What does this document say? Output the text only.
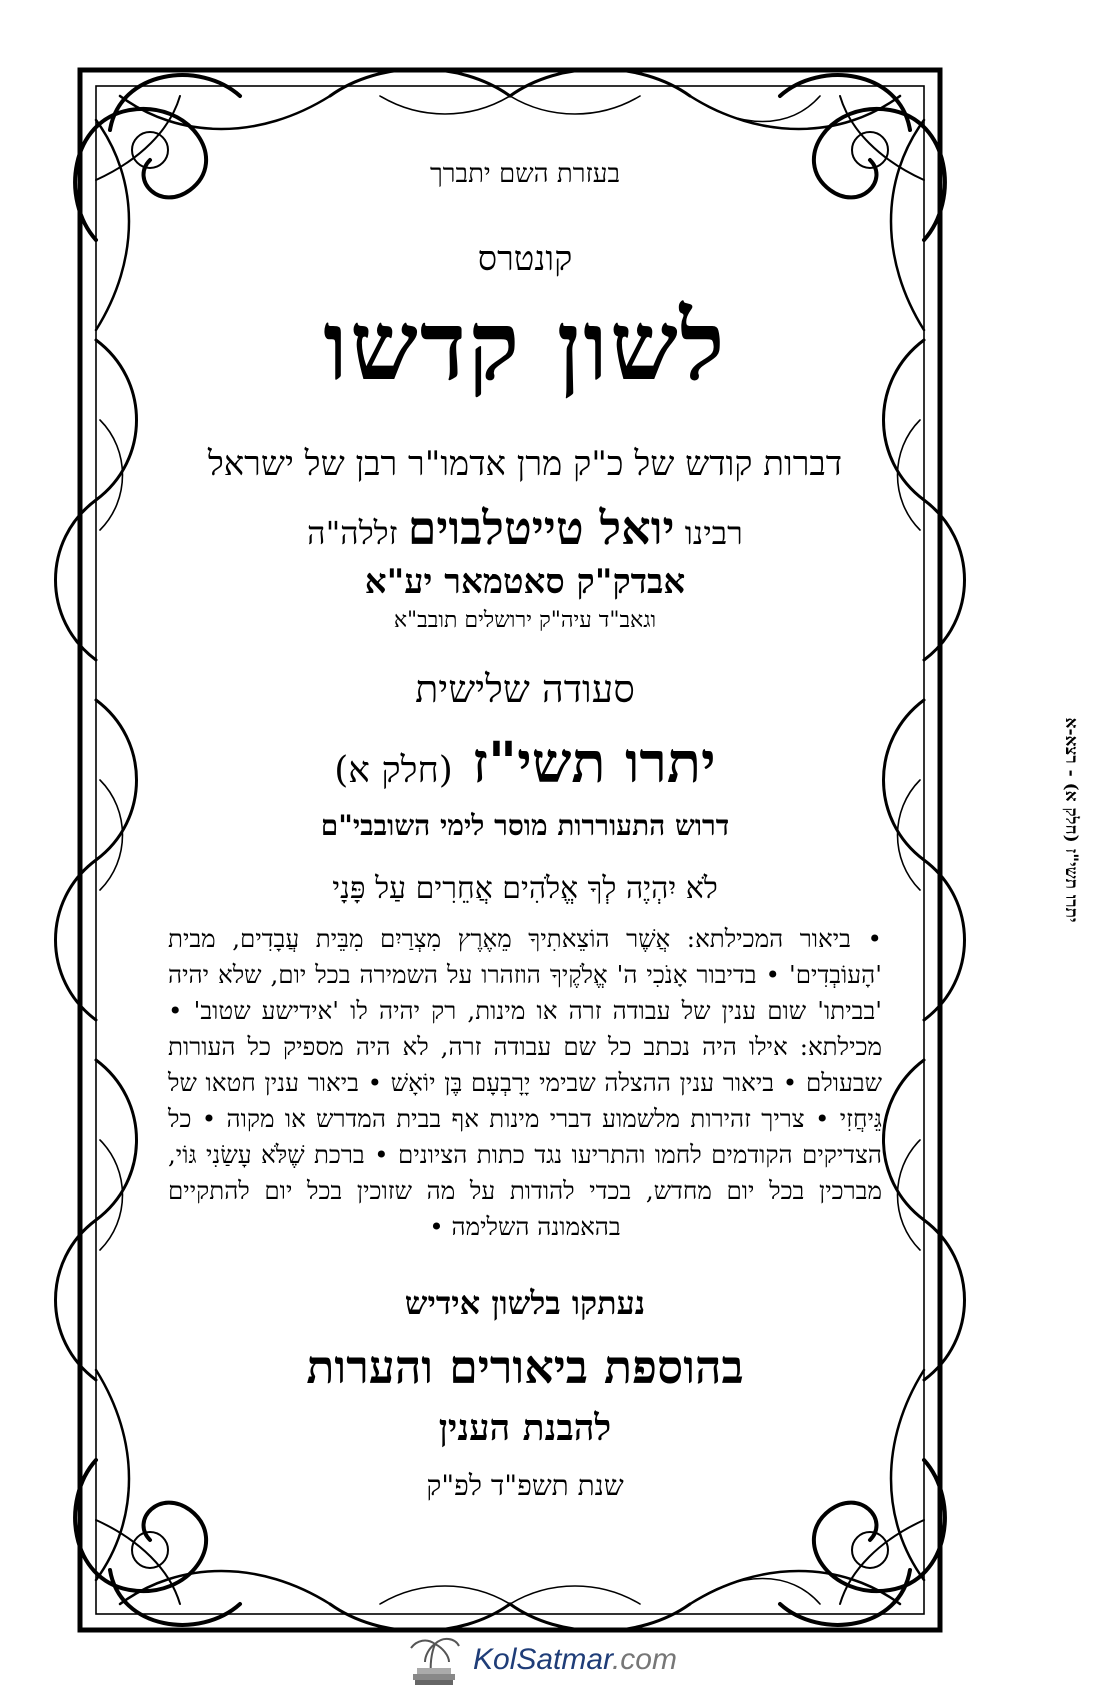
בעזרת השם יתברך
קונטרס
לשון קדשו
דברות קודש של כ"ק מרן אדמו"ר רבן של ישראל
רבינו יואל טייטלבוים זללה"ה
אבדק"ק סאטמאר יע"א
וגאב"ד עיה"ק ירושלים תובב"א
סעודה שלישית
יתרו תשי"ז (חלק א)
דרוש התעוררות מוסר לימי השובבי"ם
לֹא יִהְיֶה לְךָ אֱלֹהִים אֲחֵרִים עַל פָּנָי
• ביאור המכילתא: אֲשֶׁר הוֹצֵאתִיךָ מֵאֶרֶץ מִצְרַיִם מִבֵּית עֲבָדִים, מבית 'הָעוֹבְדִים' • בדיבור אָנֹכִי ה' אֱלֹקֶיךָ הוזהרו על השמירה בכל יום, שלא יהיה 'בביתו' שום ענין של עבודה זרה או מינות, רק יהיה לו 'אידישע שטוב' • מכילתא: אילו היה נכתב כל שם עבודה זרה, לא היה מספיק כל העורות שבעולם • ביאור ענין ההצלה שבימי יָרָבְעָם בֶּן יוֹאָשׁ • ביאור ענין חטאו של גֵּיחֲזִי • צריך זהירות מלשמוע דברי מינות אף בבית המדרש או מקוה • כל הצדיקים הקודמים לחמו והתריעו נגד כתות הציונים • ברכת שֶׁלֹּא עָשַׂנִי גּוֹי, מברכין בכל יום מחדש, בכדי להודות על מה שזוכין בכל יום להתקיים בהאמונה השלימה •
נעתקו בלשון אידיש
בהוספת ביאורים והערות
להבנת הענין
שנת תשפ"ד לפ"ק
יתרו תשי"ז (חלק א) - רצא-א
KolSatmar.com
